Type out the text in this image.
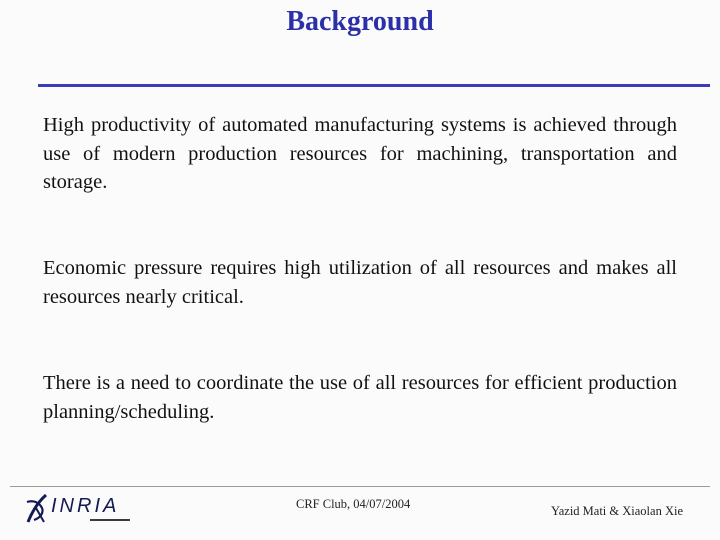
Background

High productivity of automated manufacturing systems is achieved through use of modern production resources for machining, transportation and storage.

Economic pressure requires high utilization of all resources and makes all resources nearly critical.

There is a need to coordinate the use of all resources for efficient production planning/scheduling.

INRIA	CRF Club, 04/07/2004	Yazid Mati & Xiaolan Xie
